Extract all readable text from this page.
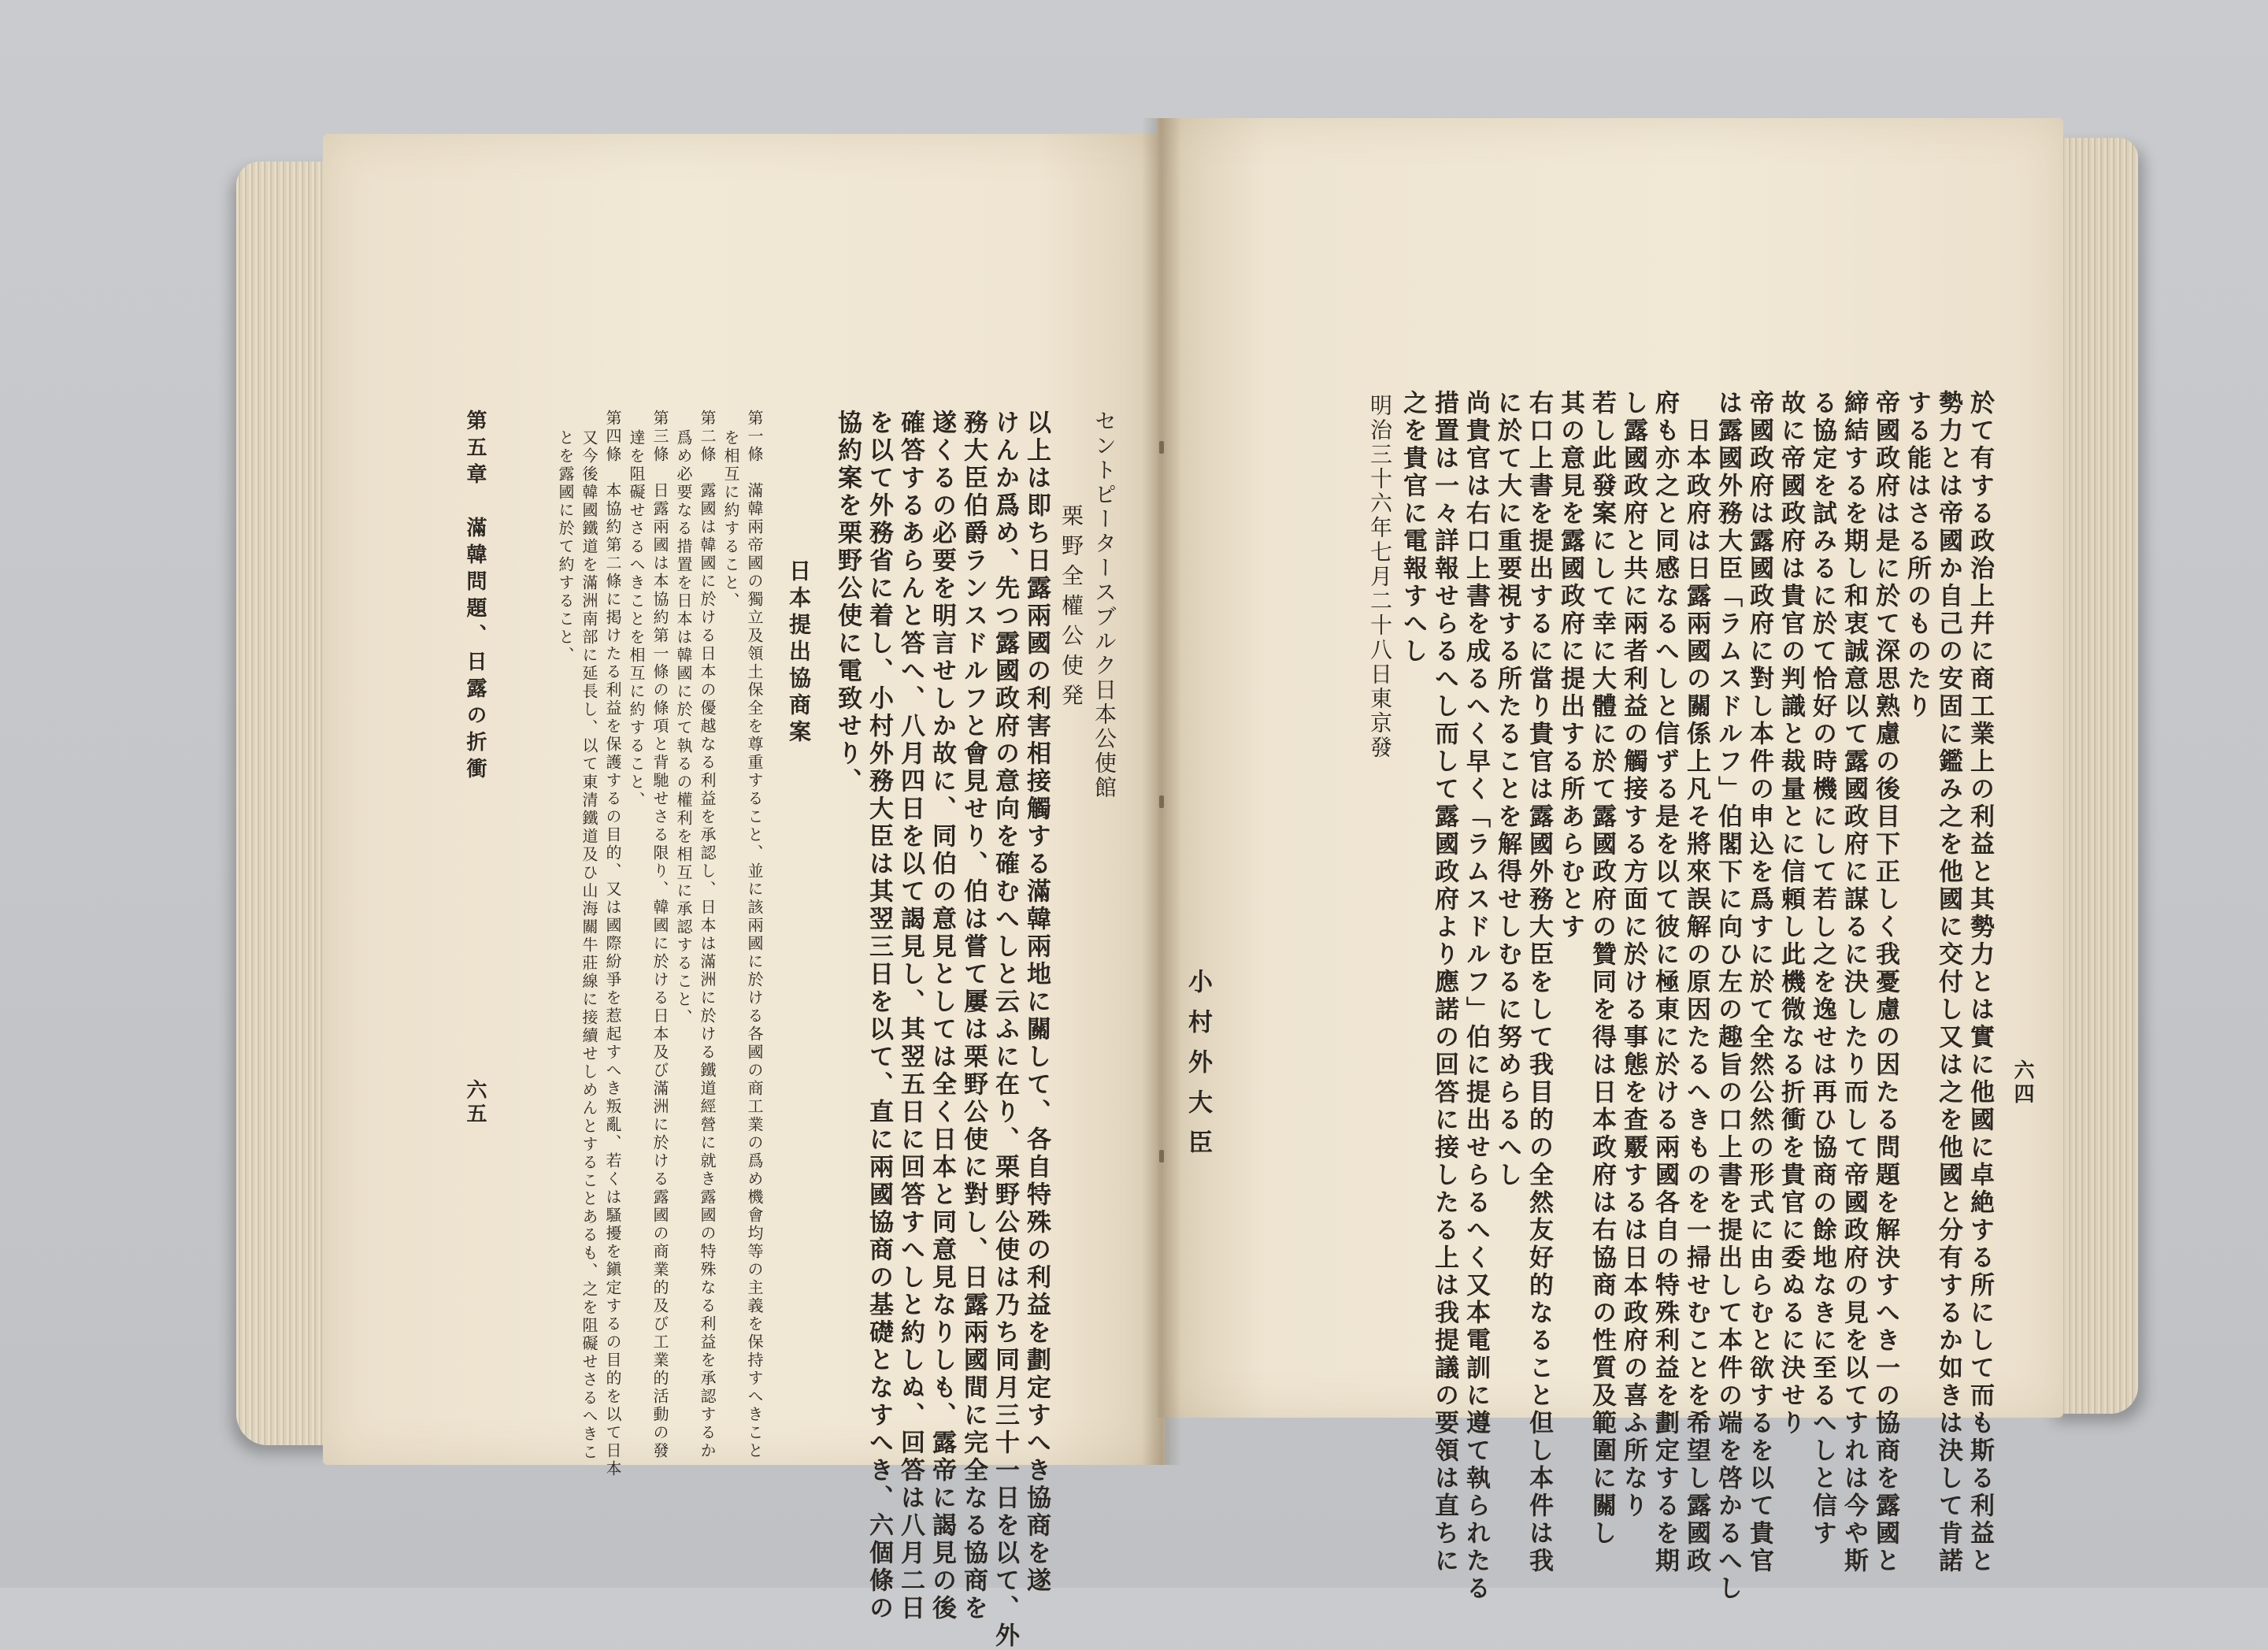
六四
於て有する政治上幷に商工業上の利益と其勢力とは實に他國に卓絶する所にして而も斯る利益と
勢力とは帝國か自己の安固に鑑み之を他國に交付し又は之を他國と分有するか如きは決して肯諾
する能はさる所のものたり
帝國政府は是に於て深思熟慮の後目下正しく我憂慮の因たる問題を解決すへき一の協商を露國と
締結するを期し和衷誠意以て露國政府に謀るに決したり而して帝國政府の見を以てすれは今や斯
る協定を試みるに於て恰好の時機にして若し之を逸せは再ひ協商の餘地なきに至るへしと信す
故に帝國政府は貴官の判識と裁量とに信頼し此機微なる折衝を貴官に委ぬるに決せり
帝國政府は露國政府に對し本件の申込を爲すに於て全然公然の形式に由らむと欲するを以て貴官
は露國外務大臣「ラムスドルフ」伯閣下に向ひ左の趣旨の口上書を提出して本件の端を啓かるへし
日本政府は日露兩國の關係上凡そ將來誤解の原因たるへきものを一掃せむことを希望し露國政
府も亦之と同感なるへしと信ずる是を以て彼に極東に於ける兩國各自の特殊利益を劃定するを期
し露國政府と共に兩者利益の觸接する方面に於ける事態を査覈するは日本政府の喜ふ所なり
若し此發案にして幸に大體に於て露國政府の贊同を得は日本政府は右協商の性質及範圍に關し
其の意見を露國政府に提出する所あらむとす
右口上書を提出するに當り貴官は露國外務大臣をして我目的の全然友好的なること但し本件は我
に於て大に重要視する所たることを解得せしむるに努めらるへし
尚貴官は右口上書を成るへく早く「ラムスドルフ」伯に提出せらるへく又本電訓に遵て執られたる
措置は一々詳報せらるへし而して露國政府より應諾の回答に接したる上は我提議の要領は直ちに
之を貴官に電報すへし
明治三十六年七月二十八日東京發
小村外大臣
セントピータースブルク日本公使館
栗野全權公使発
以上は即ち日露兩國の利害相接觸する滿韓兩地に關して、各自特殊の利益を劃定すへき協商を遂
けんか爲め、先つ露國政府の意向を確むへしと云ふに在り、栗野公使は乃ち同月三十一日を以て、外
務大臣伯爵ランスドルフと會見せり、伯は嘗て屢は栗野公使に對し、日露兩國間に完全なる協商を
遂くるの必要を明言せしか故に、同伯の意見としては全く日本と同意見なりしも、露帝に謁見の後
確答するあらんと答へ、八月四日を以て謁見し、其翌五日に回答すへしと約しぬ、回答は八月二日
を以て外務省に着し、小村外務大臣は其翌三日を以て、直に兩國協商の基礎となすへき、六個條の
協約案を栗野公使に電致せり、
日本提出協商案
第一條　滿韓兩帝國の獨立及領土保全を尊重すること、並に該兩國に於ける各國の商工業の爲め機會均等の主義を保持すへきこと
を相互に約すること、
第二條　露國は韓國に於ける日本の優越なる利益を承認し、日本は滿洲に於ける鐵道經營に就き露國の特殊なる利益を承認するか
爲め必要なる措置を日本は韓國に於て執るの權利を相互に承認すること、
第三條　日露兩國は本協約第一條の條項と背馳せさる限り、韓國に於ける日本及び滿洲に於ける露國の商業的及び工業的活動の發
達を阻礙せさるへきことを相互に約すること、
第四條　本協約第二條に掲けたる利益を保護するの目的、又は國際紛爭を惹起すへき叛亂、若くは騷擾を鎭定するの目的を以て日本
又今後韓國鐵道を滿洲南部に延長し、以て東清鐵道及ひ山海關牛莊線に接續せしめんとすることあるも、之を阻礙せさるへきこ
とを露國に於て約すること、
第五章　滿韓問題、日露の折衝
六五
